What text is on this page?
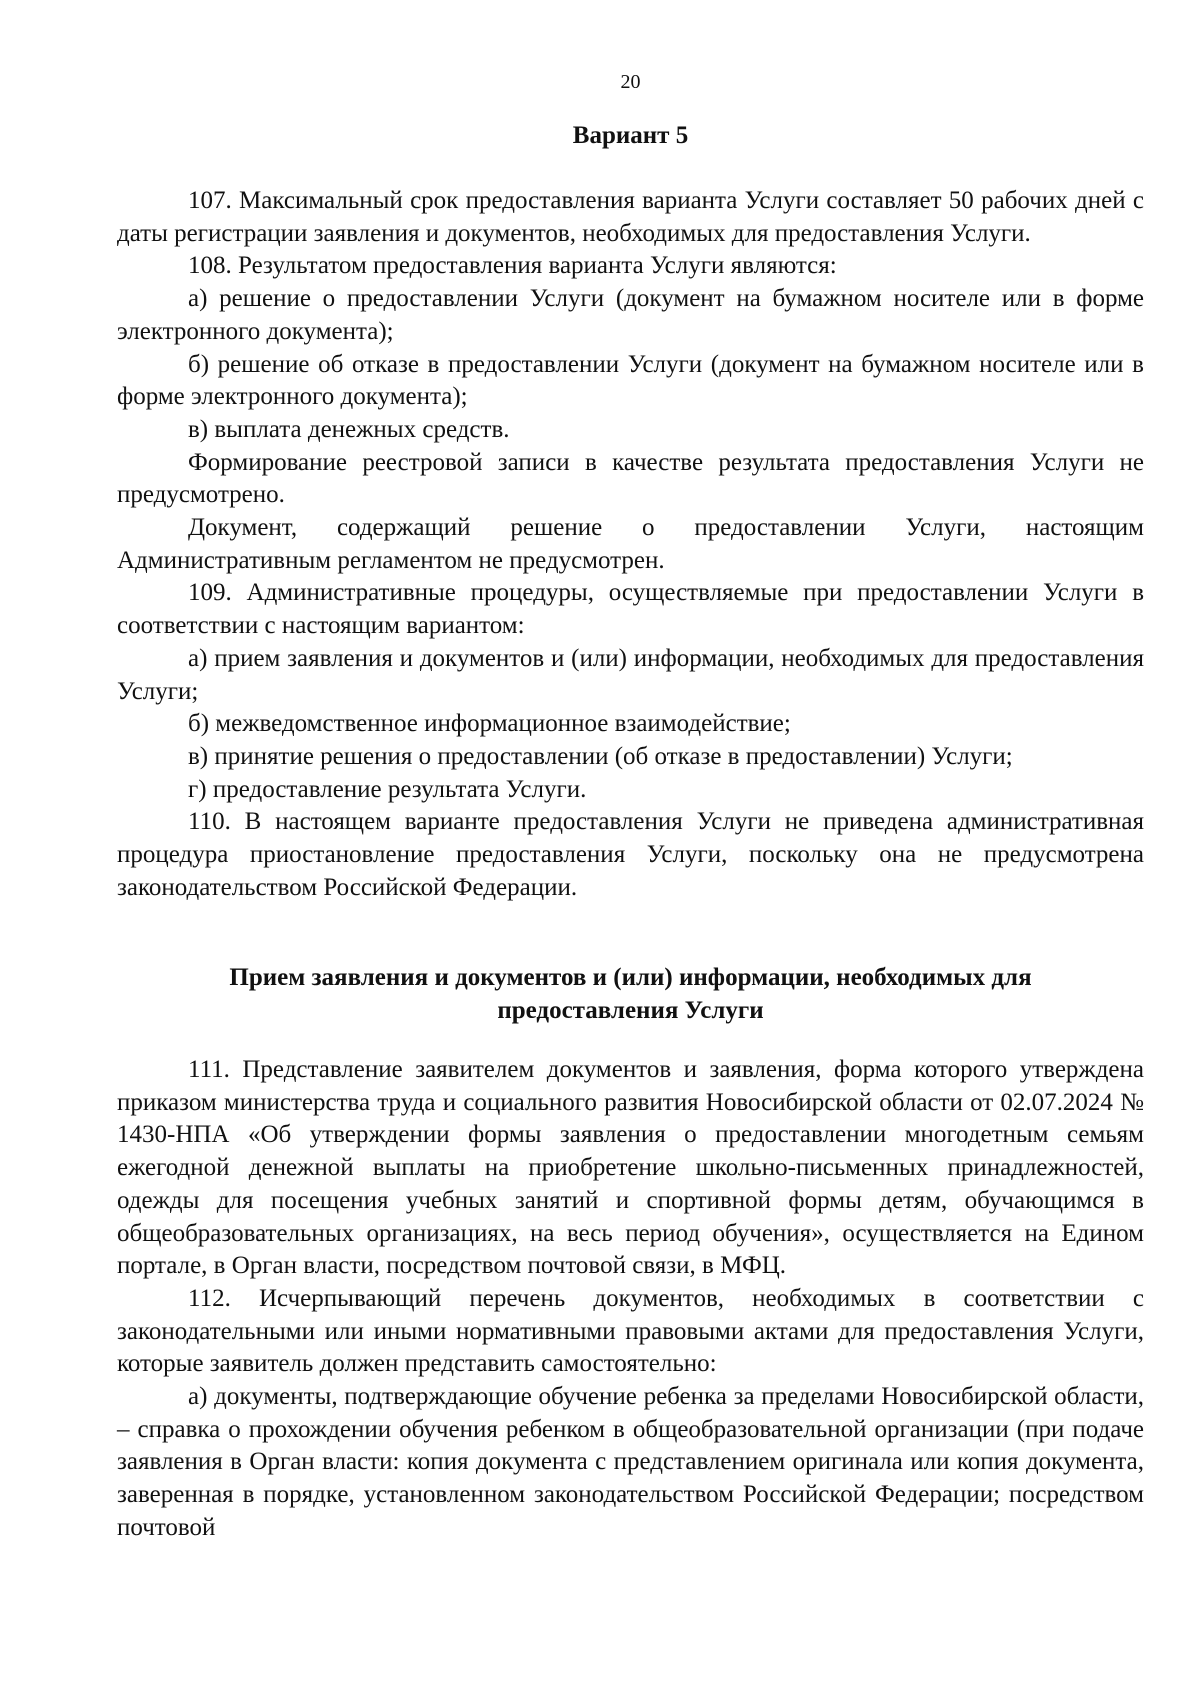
20
Вариант 5

107. Максимальный срок предоставления варианта Услуги составляет 50 рабочих дней с даты регистрации заявления и документов, необходимых для предоставления Услуги.

108. Результатом предоставления варианта Услуги являются:

а) решение о предоставлении Услуги (документ на бумажном носителе или в форме электронного документа);

б) решение об отказе в предоставлении Услуги (документ на бумажном носителе или в форме электронного документа);

в) выплата денежных средств.

Формирование реестровой записи в качестве результата предоставления Услуги не предусмотрено.

Документ, содержащий решение о предоставлении Услуги, настоящим Административным регламентом не предусмотрен.

109. Административные процедуры, осуществляемые при предоставлении Услуги в соответствии с настоящим вариантом:

а) прием заявления и документов и (или) информации, необходимых для предоставления Услуги;

б) межведомственное информационное взаимодействие;

в) принятие решения о предоставлении (об отказе в предоставлении) Услуги;

г) предоставление результата Услуги.

110. В настоящем варианте предоставления Услуги не приведена административная процедура приостановление предоставления Услуги, поскольку она не предусмотрена законодательством Российской Федерации.

Прием заявления и документов и (или) информации, необходимых для
предоставления Услуги

111. Представление заявителем документов и заявления, форма которого утверждена приказом министерства труда и социального развития Новосибирской области от 02.07.2024 № 1430-НПА «Об утверждении формы заявления о предоставлении многодетным семьям ежегодной денежной выплаты на приобретение школьно-письменных принадлежностей, одежды для посещения учебных занятий и спортивной формы детям, обучающимся в общеобразовательных организациях, на весь период обучения», осуществляется на Едином портале, в Орган власти, посредством почтовой связи, в МФЦ.

112. Исчерпывающий перечень документов, необходимых в соответствии с законодательными или иными нормативными правовыми актами для предоставления Услуги, которые заявитель должен представить самостоятельно:

а) документы, подтверждающие обучение ребенка за пределами Новосибирской области, – справка о прохождении обучения ребенком в общеобразовательной организации (при подаче заявления в Орган власти: копия документа с представлением оригинала или копия документа, заверенная в порядке, установленном законодательством Российской Федерации; посредством почтовой
